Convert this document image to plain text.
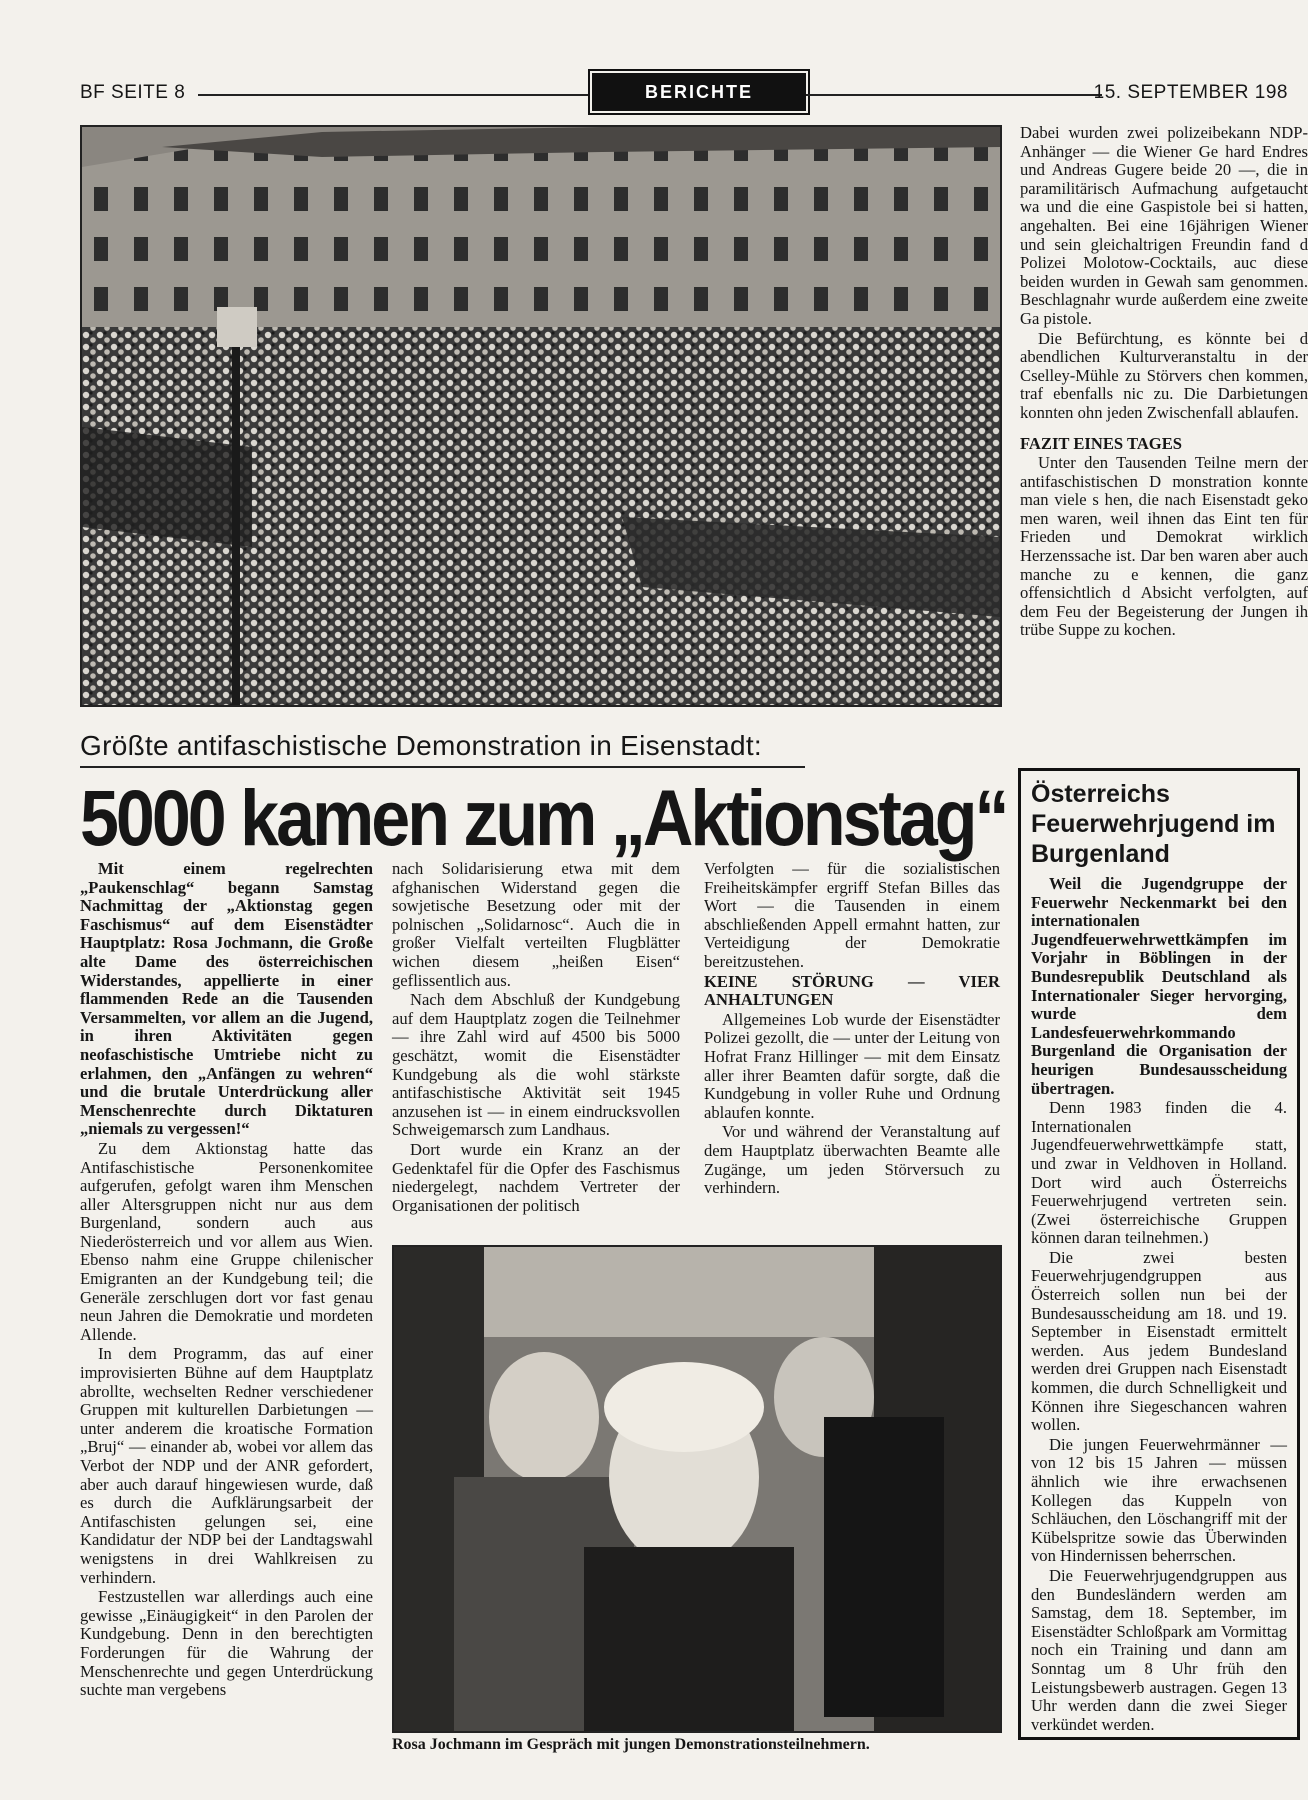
BF SEITE 8	BERICHTE	15. SEPTEMBER 198

Dabei wurden zwei polizeibekann NDP-Anhänger — die Wiener Ge hard Endres und Andreas Gugere beide 20 —, die in paramilitärisch Aufmachung aufgetaucht wa und die eine Gaspistole bei si hatten, angehalten. Bei eine 16jährigen Wiener und sein gleichaltrigen Freundin fand d Polizei Molotow-Cocktails, auc diese beiden wurden in Gewah sam genommen. Beschlagnahr wurde außerdem eine zweite Ga pistole.

Die Befürchtung, es könnte bei d abendlichen Kulturveranstaltu in der Cselley-Mühle zu Störvers chen kommen, traf ebenfalls nic zu. Die Darbietungen konnten ohn jeden Zwischenfall ablaufen.

FAZIT EINES TAGES

Unter den Tausenden Teilne mern der antifaschistischen D monstration konnte man viele s hen, die nach Eisenstadt geko men waren, weil ihnen das Eint ten für Frieden und Demokrat wirklich Herzenssache ist. Dar ben waren aber auch manche zu e kennen, die ganz offensichtlich d Absicht verfolgten, auf dem Feu der Begeisterung der Jungen ih trübe Suppe zu kochen.

Größte antifaschistische Demonstration in Eisenstadt:
5000 kamen zum „Aktionstag“

Mit einem regelrechten „Paukenschlag“ begann Samstag Nachmittag der „Aktionstag gegen Faschismus“ auf dem Eisenstädter Hauptplatz: Rosa Jochmann, die Große alte Dame des österreichischen Widerstandes, appellierte in einer flammenden Rede an die Tausenden Versammelten, vor allem an die Jugend, in ihren Aktivitäten gegen neofaschistische Umtriebe nicht zu erlahmen, den „Anfängen zu wehren“ und die brutale Unterdrückung aller Menschenrechte durch Diktaturen „niemals zu vergessen!“

Zu dem Aktionstag hatte das Antifaschistische Personenkomitee aufgerufen, gefolgt waren ihm Menschen aller Altersgruppen nicht nur aus dem Burgenland, sondern auch aus Niederösterreich und vor allem aus Wien. Ebenso nahm eine Gruppe chilenischer Emigranten an der Kundgebung teil; die Generäle zerschlugen dort vor fast genau neun Jahren die Demokratie und mordeten Allende.

In dem Programm, das auf einer improvisierten Bühne auf dem Hauptplatz abrollte, wechselten Redner verschiedener Gruppen mit kulturellen Darbietungen — unter anderem die kroatische Formation „Bruj“ — einander ab, wobei vor allem das Verbot der NDP und der ANR gefordert, aber auch darauf hingewiesen wurde, daß es durch die Aufklärungsarbeit der Antifaschisten gelungen sei, eine Kandidatur der NDP bei der Landtagswahl wenigstens in drei Wahlkreisen zu verhindern.

Festzustellen war allerdings auch eine gewisse „Einäugigkeit“ in den Parolen der Kundgebung. Denn in den berechtigten Forderungen für die Wahrung der Menschenrechte und gegen Unterdrückung suchte man vergebens

nach Solidarisierung etwa mit dem afghanischen Widerstand gegen die sowjetische Besetzung oder mit der polnischen „Solidarnosc“. Auch die in großer Vielfalt verteilten Flugblätter wichen diesem „heißen Eisen“ geflissentlich aus.

Nach dem Abschluß der Kundgebung auf dem Hauptplatz zogen die Teilnehmer — ihre Zahl wird auf 4500 bis 5000 geschätzt, womit die Eisenstädter Kundgebung als die wohl stärkste antifaschistische Aktivität seit 1945 anzusehen ist — in einem eindrucksvollen Schweigemarsch zum Landhaus.

Dort wurde ein Kranz an der Gedenktafel für die Opfer des Faschismus niedergelegt, nachdem Vertreter der Organisationen der politisch

Verfolgten — für die sozialistischen Freiheitskämpfer ergriff Stefan Billes das Wort — die Tausenden in einem abschließenden Appell ermahnt hatten, zur Verteidigung der Demokratie bereitzustehen.

KEINE STÖRUNG — VIER ANHALTUNGEN

Allgemeines Lob wurde der Eisenstädter Polizei gezollt, die — unter der Leitung von Hofrat Franz Hillinger — mit dem Einsatz aller ihrer Beamten dafür sorgte, daß die Kundgebung in voller Ruhe und Ordnung ablaufen konnte.

Vor und während der Veranstaltung auf dem Hauptplatz überwachten Beamte alle Zugänge, um jeden Störversuch zu verhindern.

Rosa Jochmann im Gespräch mit jungen Demonstrationsteilnehmern.
Österreichs Feuerwehrjugend im Burgenland

Weil die Jugendgruppe der Feuerwehr Neckenmarkt bei den internationalen Jugendfeuerwehrwettkämpfen im Vorjahr in Böblingen in der Bundesrepublik Deutschland als Internationaler Sieger hervorging, wurde dem Landesfeuerwehrkommando Burgenland die Organisation der heurigen Bundesausscheidung übertragen.

Denn 1983 finden die 4. Internationalen Jugendfeuerwehrwettkämpfe statt, und zwar in Veldhoven in Holland. Dort wird auch Österreichs Feuerwehrjugend vertreten sein. (Zwei österreichische Gruppen können daran teilnehmen.)

Die zwei besten Feuerwehrjugendgruppen aus Österreich sollen nun bei der Bundesausscheidung am 18. und 19. September in Eisenstadt ermittelt werden. Aus jedem Bundesland werden drei Gruppen nach Eisenstadt kommen, die durch Schnelligkeit und Können ihre Siegeschancen wahren wollen.

Die jungen Feuerwehrmänner — von 12 bis 15 Jahren — müssen ähnlich wie ihre erwachsenen Kollegen das Kuppeln von Schläuchen, den Löschangriff mit der Kübelspritze sowie das Überwinden von Hindernissen beherrschen.

Die Feuerwehrjugendgruppen aus den Bundesländern werden am Samstag, dem 18. September, im Eisenstädter Schloßpark am Vormittag noch ein Training und dann am Sonntag um 8 Uhr früh den Leistungsbewerb austragen. Gegen 13 Uhr werden dann die zwei Sieger verkündet werden.
